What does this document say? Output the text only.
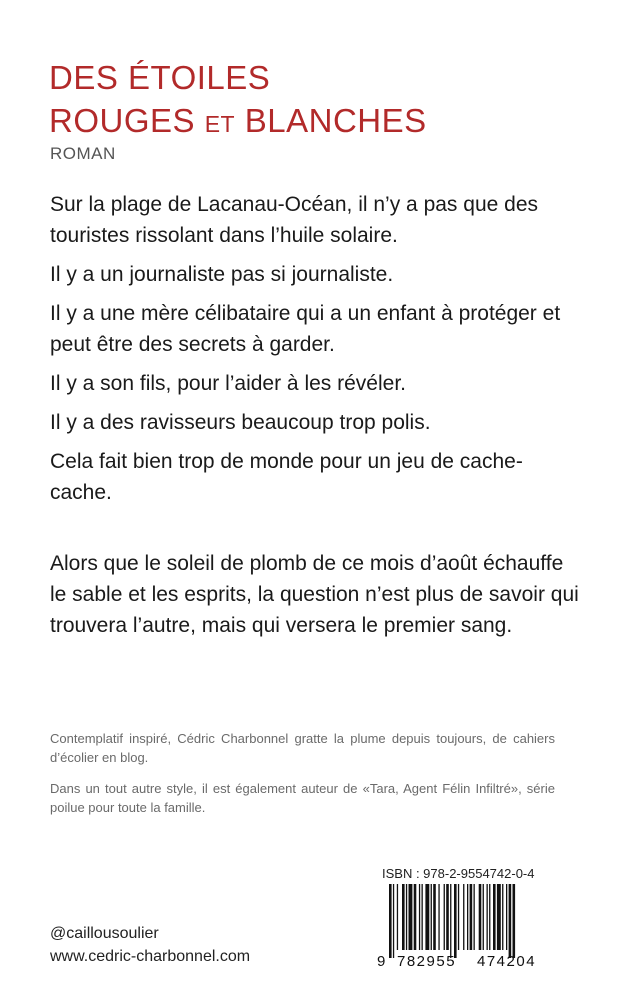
DES ÉTOILES
ROUGES ET BLANCHES
ROMAN

Sur la plage de Lacanau-Océan, il n’y a pas que des touristes rissolant dans l’huile solaire.

Il y a un journaliste pas si journaliste.

Il y a une mère célibataire qui a un enfant à protéger et peut être des secrets à garder.

Il y a son fils, pour l’aider à les révéler.

Il y a des ravisseurs beaucoup trop polis.

Cela fait bien trop de monde pour un jeu de cache-cache.

Alors que le soleil de plomb de ce mois d’août échauffe le sable et les esprits, la question n’est plus de savoir qui trouvera l’autre, mais qui versera le premier sang.

Contemplatif inspiré, Cédric Charbonnel gratte la plume depuis toujours, de cahiers d’écolier en blog.

Dans un tout autre style, il est également auteur de «Tara, Agent Félin Infiltré», série poilue pour toute la famille.

ISBN : 978-2-9554742-0-4
9 782955 474204
@caillousoulier
www.cedric-charbonnel.com
